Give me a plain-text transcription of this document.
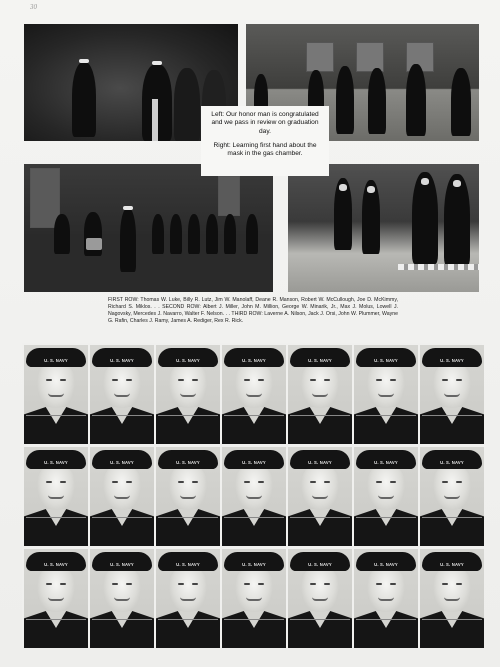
30

Left: Our honor man is congratulated and we pass in review on graduation day.

Right: Learning first hand about the mask in the gas chamber.

FIRST ROW: Thomas W. Luke, Billy R. Lutz, Jim W. Manolaff, Deane R. Manson, Robert W. McCullough, Joe D. McKimmy, Richard S. Miklos. . . SECOND ROW: Albert J. Miller, John M. Million, George W. Minarik, Jr., Max J. Molus, Lowell J. Nagovsky, Mercedes J. Navarro, Walter F. Nelson. . . THIRD ROW: Laverne A. Nilson, Jack J. Orsi, John W. Plummer, Wayne G. Rafin, Charles J. Ramy, James A. Rediger, Rex R. Rick.
U. S. NAVY	U. S. NAVY	U. S. NAVY	U. S. NAVY	U. S. NAVY	U. S. NAVY	U. S. NAVY
U. S. NAVY	U. S. NAVY	U. S. NAVY	U. S. NAVY	U. S. NAVY	U. S. NAVY	U. S. NAVY
U. S. NAVY	U. S. NAVY	U. S. NAVY	U. S. NAVY	U. S. NAVY	U. S. NAVY	U. S. NAVY
